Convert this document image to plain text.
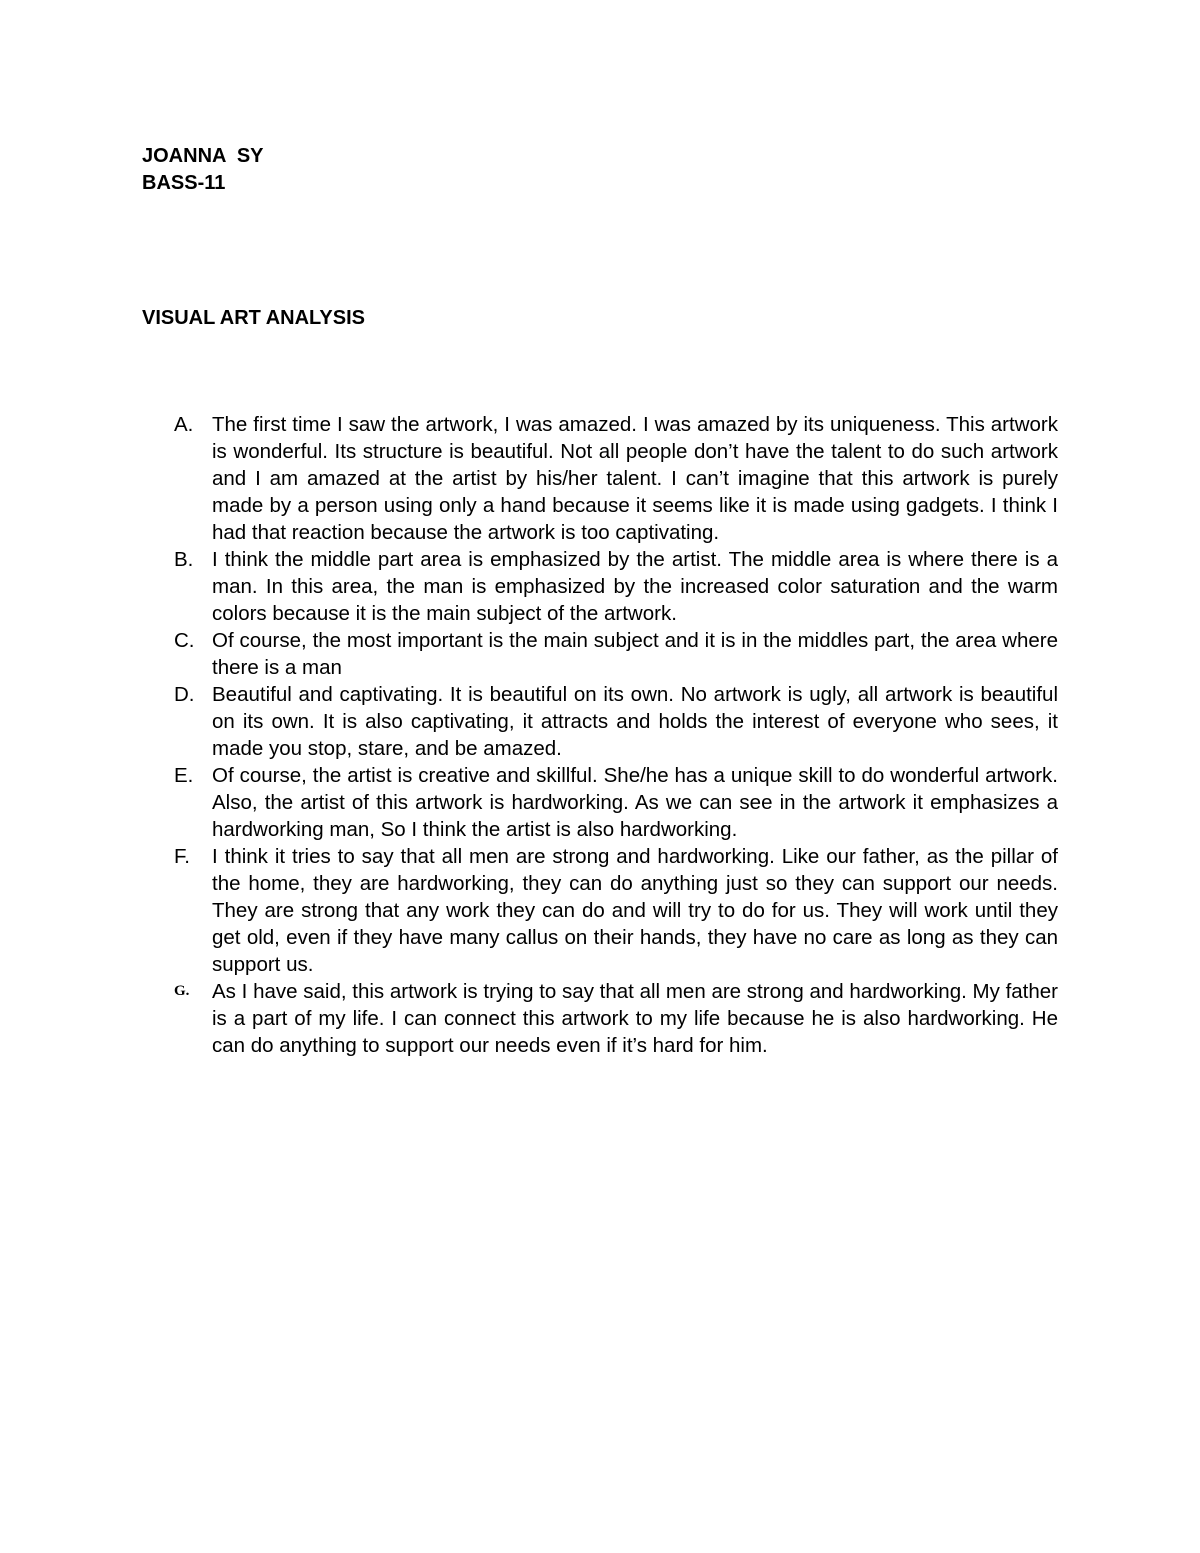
JOANNA  SY
BASS-11
VISUAL ART ANALYSIS
A. The first time I saw the artwork, I was amazed. I was amazed by its uniqueness. This artwork is wonderful. Its structure is beautiful. Not all people don’t have the talent to do such artwork and I am amazed at the artist by his/her talent. I can’t imagine that this artwork is purely made by a person using only a hand because it seems like it is made using gadgets. I think I had that reaction because the artwork is too captivating.
B. I think the middle part area is emphasized by the artist. The middle area is where there is a man. In this area, the man is emphasized by the increased color saturation and the warm colors because it is the main subject of the artwork.
C. Of course, the most important is the main subject and it is in the middles part, the area where there is a man
D. Beautiful and captivating. It is beautiful on its own. No artwork is ugly, all artwork is beautiful on its own. It is also captivating, it attracts and holds the interest of everyone who sees, it made you stop, stare, and be amazed.
E. Of course, the artist is creative and skillful. She/he has a unique skill to do wonderful artwork. Also, the artist of this artwork is hardworking. As we can see in the artwork it emphasizes a hardworking man, So I think the artist is also hardworking.
F. I think it tries to say that all men are strong and hardworking. Like our father, as the pillar of the home, they are hardworking, they can do anything just so they can support our needs. They are strong that any work they can do and will try to do for us. They will work until they get old, even if they have many callus on their hands, they have no care as long as they can support us.
G. As I have said, this artwork is trying to say that all men are strong and hardworking. My father is a part of my life. I can connect this artwork to my life because he is also hardworking. He can do anything to support our needs even if it’s hard for him.
